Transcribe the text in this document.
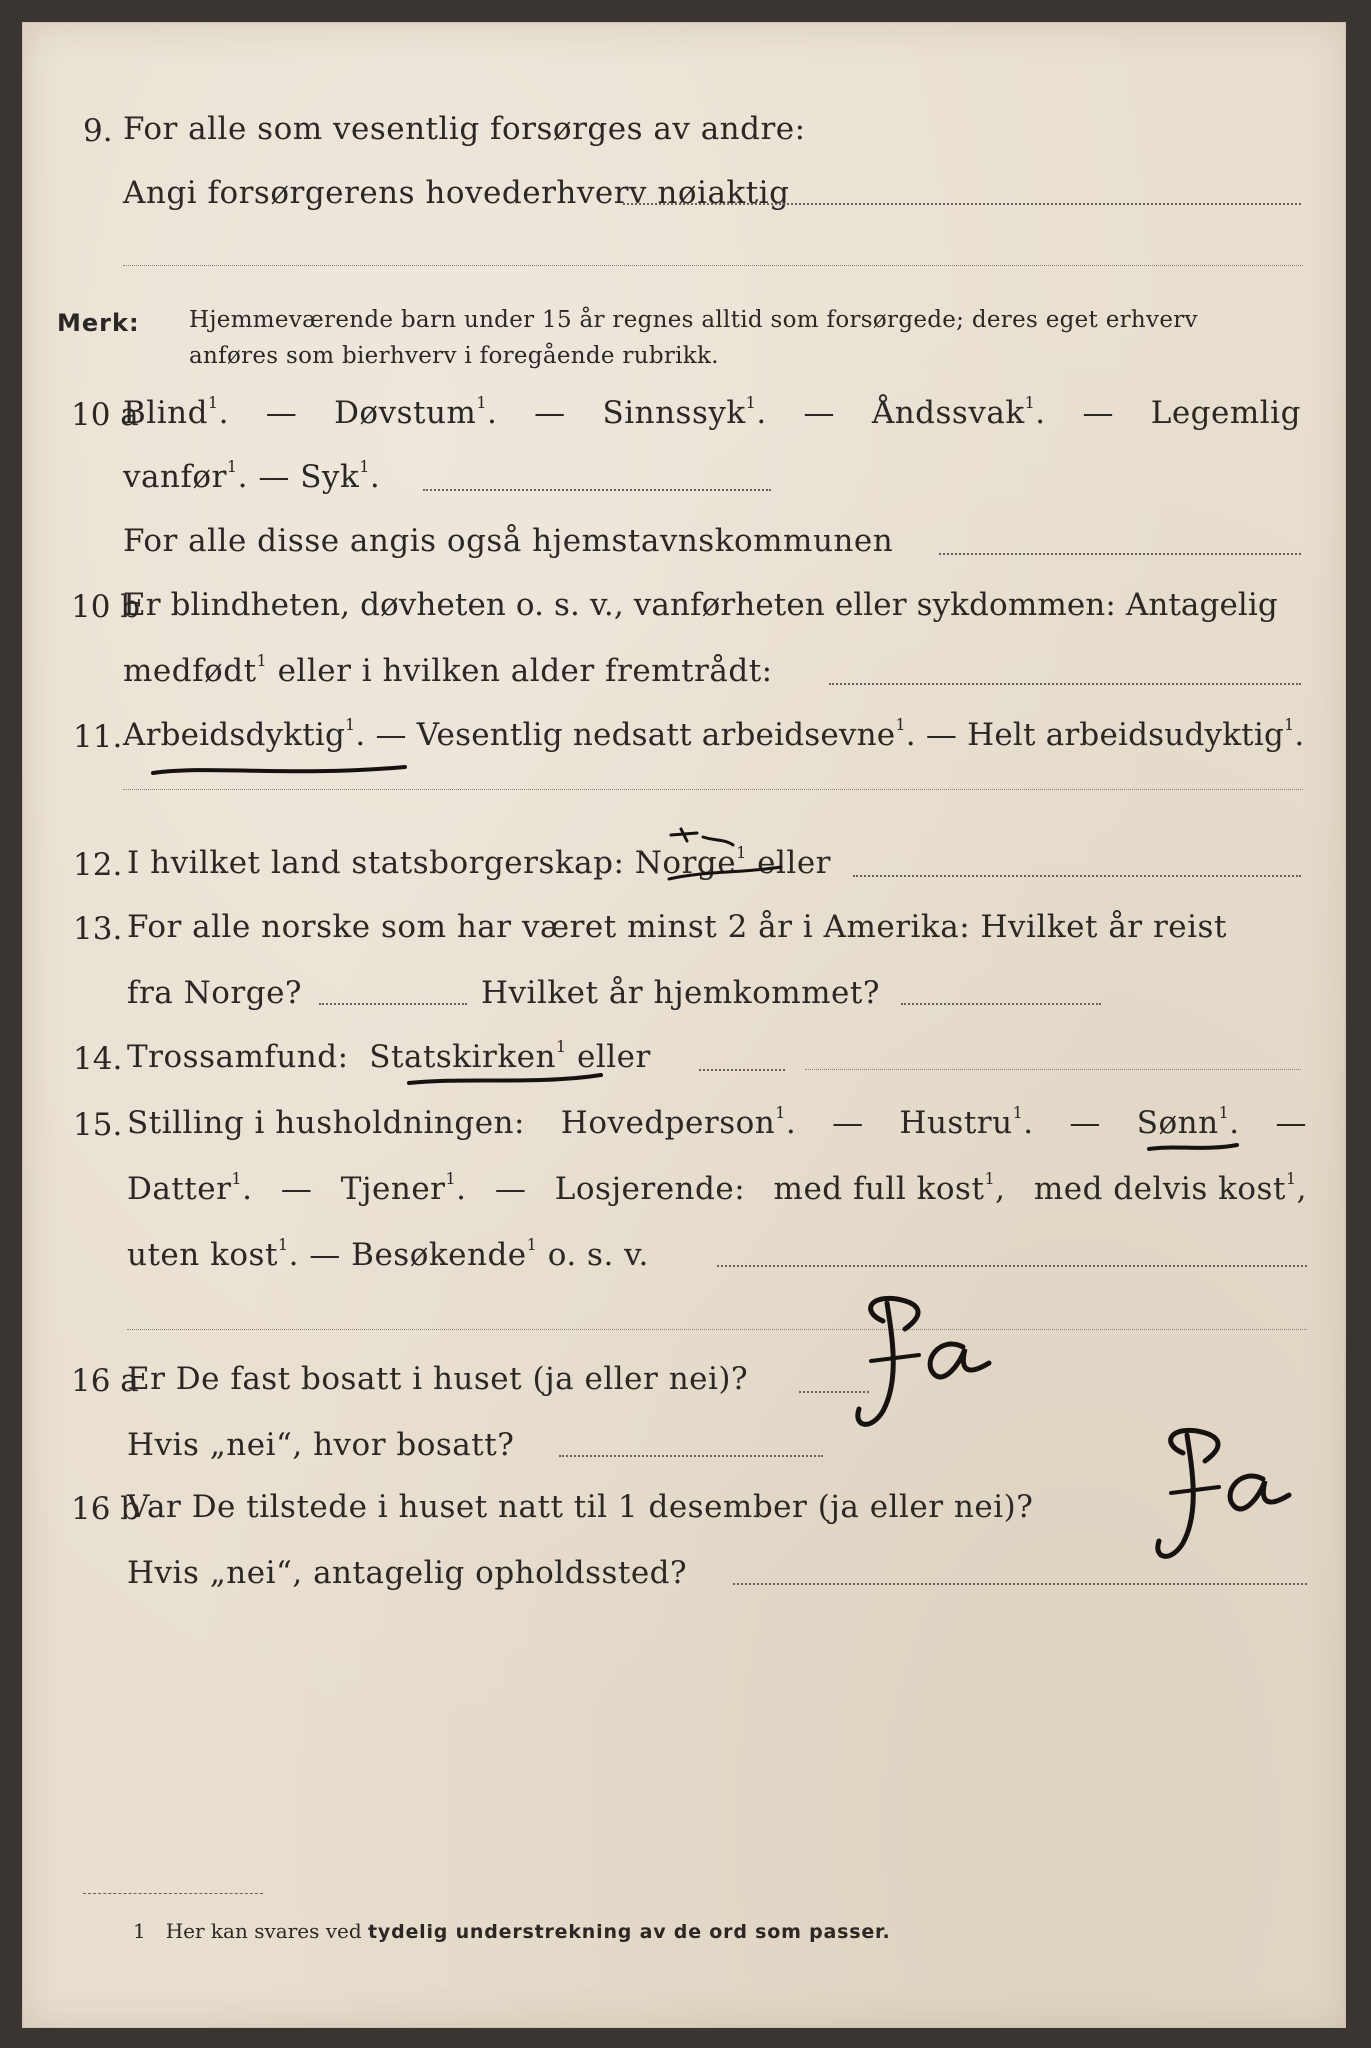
9. For alle som vesentlig forsørges av andre:
Angi forsørgerens hovederhverv nøiaktig
Merk: Hjemmeværende barn under 15 år regnes alltid som forsørgede; deres eget erhverv
anføres som bierhverv i foregående rubrikk.
10 a
Blind$^1$. — Døvstum$^1$. — Sinnssyk$^1$. — Åndssvak$^1$. — Legemlig
vanfør$^1$. — Syk$^1$.
For alle disse angis også hjemstavnskommunen
10 b
Er blindheten, døvheten o. s. v., vanførheten eller sykdommen: Antagelig
medfødt$^1$ eller i hvilken alder fremtrådt:
11. Arbeidsdyktig$^1$. — Vesentlig nedsatt arbeidsevne$^1$. — Helt arbeidsudyktig$^1$.
12. I hvilket land statsborgerskap: Norge$^1$ eller
13. For alle norske som har været minst 2 år i Amerika: Hvilket år reist
fra Norge?	Hvilket år hjemkommet?
14. Trossamfund: Statskirken$^1$ eller
15. Stilling i husholdningen: Hovedperson$^1$. — Hustru$^1$. — Sønn$^1$. —
Datter$^1$. — Tjener$^1$. — Losjerende: med full kost$^1$, med delvis kost$^1$,
uten kost$^1$. — Besøkende$^1$ o. s. v.
16 a
Er De fast bosatt i huset (ja eller nei)?
Hvis „nei“, hvor bosatt?
16 b
Var De tilstede i huset natt til 1 desember (ja eller nei)?
Hvis „nei“, antagelig opholdssted?
1 Her kan svares ved tydelig understrekning av de ord som passer.
